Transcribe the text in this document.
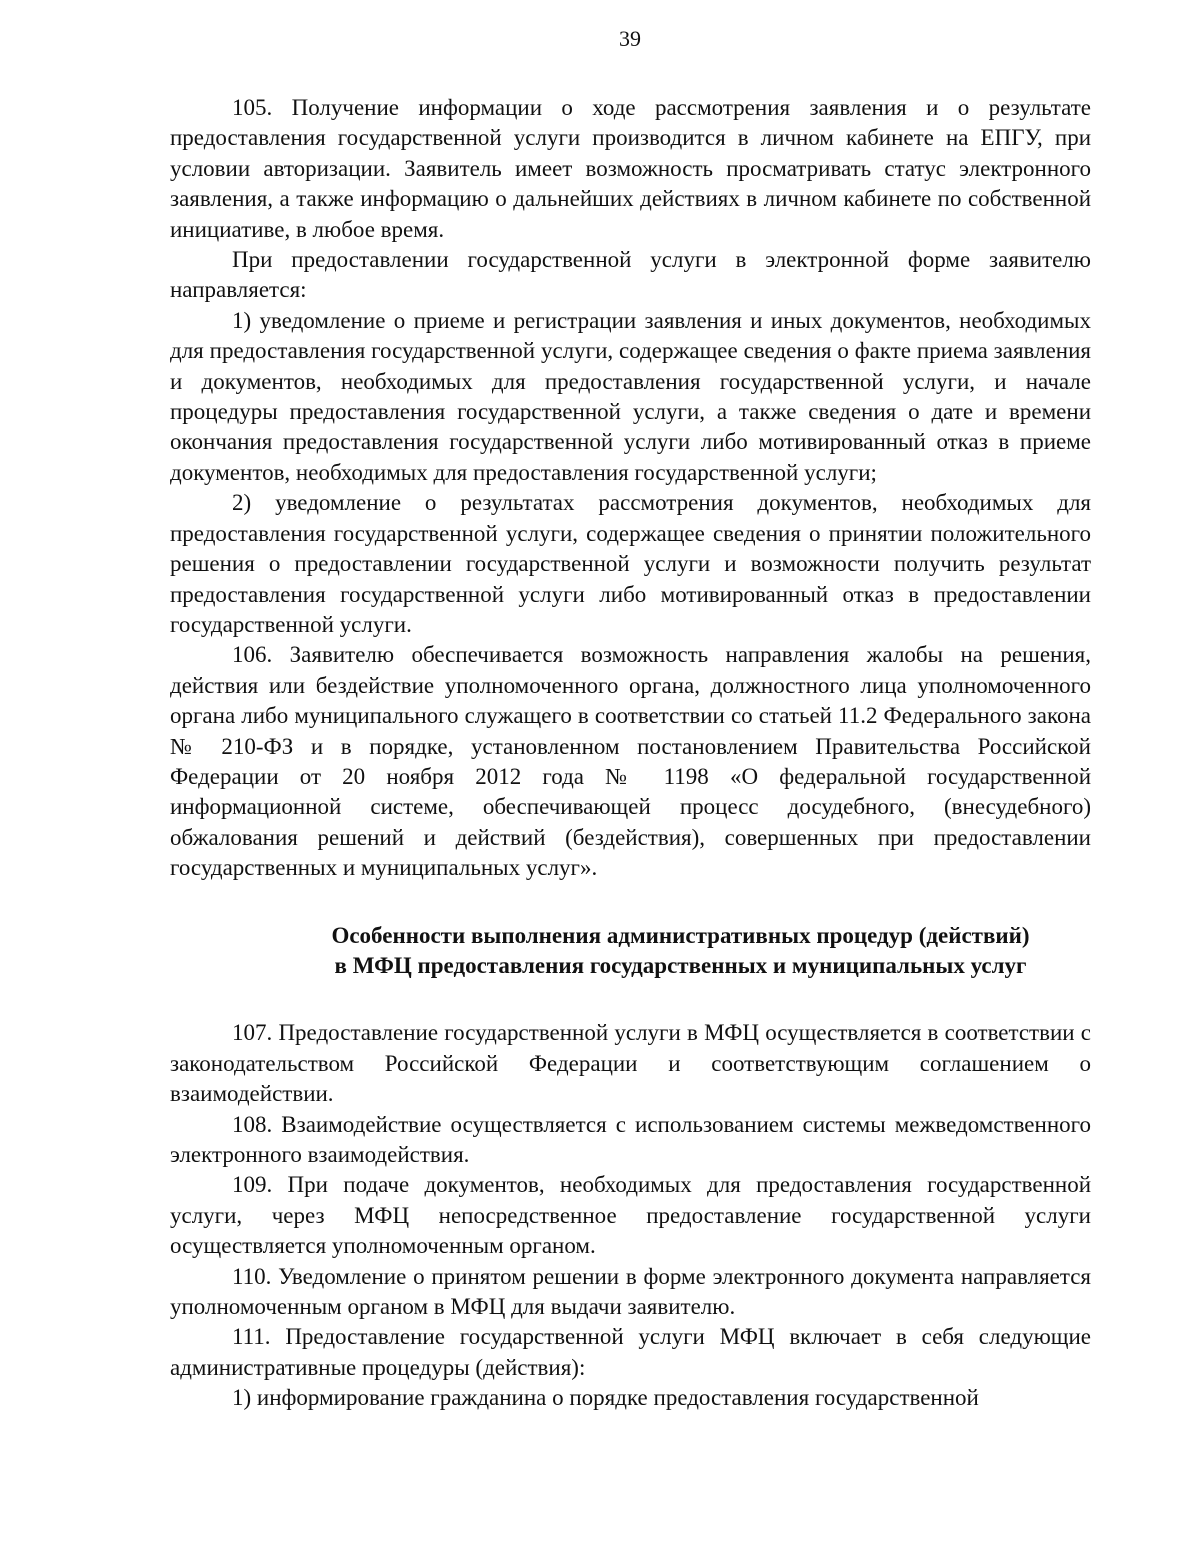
39

105. Получение информации о ходе рассмотрения заявления и о результате предоставления государственной услуги производится в личном кабинете на ЕПГУ, при условии авторизации. Заявитель имеет возможность просматривать статус электронного заявления, а также информацию о дальнейших действиях в личном кабинете по собственной инициативе, в любое время.

При предоставлении государственной услуги в электронной форме заявителю направляется:

1) уведомление о приеме и регистрации заявления и иных документов, необходимых для предоставления государственной услуги, содержащее сведения о факте приема заявления и документов, необходимых для предоставления государственной услуги, и начале процедуры предоставления государственной услуги, а также сведения о дате и времени окончания предоставления государственной услуги либо мотивированный отказ в приеме документов, необходимых для предоставления государственной услуги;

2) уведомление о результатах рассмотрения документов, необходимых для предоставления государственной услуги, содержащее сведения о принятии положительного решения о предоставлении государственной услуги и возможности получить результат предоставления государственной услуги либо мотивированный отказ в предоставлении государственной услуги.

106. Заявителю обеспечивается возможность направления жалобы на решения, действия или бездействие уполномоченного органа, должностного лица уполномоченного органа либо муниципального служащего в соответствии со статьей 11.2 Федерального закона № 210-ФЗ и в порядке, установленном постановлением Правительства Российской Федерации от 20 ноября 2012 года № 1198 «О федеральной государственной информационной системе, обеспечивающей процесс досудебного, (внесудебного) обжалования решений и действий (бездействия), совершенных при предоставлении государственных и муниципальных услуг».

Особенности выполнения административных процедур (действий)
в МФЦ предоставления государственных и муниципальных услуг

107. Предоставление государственной услуги в МФЦ осуществляется в соответствии с законодательством Российской Федерации и соответствующим соглашением о взаимодействии.

108. Взаимодействие осуществляется с использованием системы межведомственного электронного взаимодействия.

109. При подаче документов, необходимых для предоставления государственной услуги, через МФЦ непосредственное предоставление государственной услуги осуществляется уполномоченным органом.

110. Уведомление о принятом решении в форме электронного документа направляется уполномоченным органом в МФЦ для выдачи заявителю.

111. Предоставление государственной услуги МФЦ включает в себя следующие административные процедуры (действия):

1) информирование гражданина о порядке предоставления государственной
